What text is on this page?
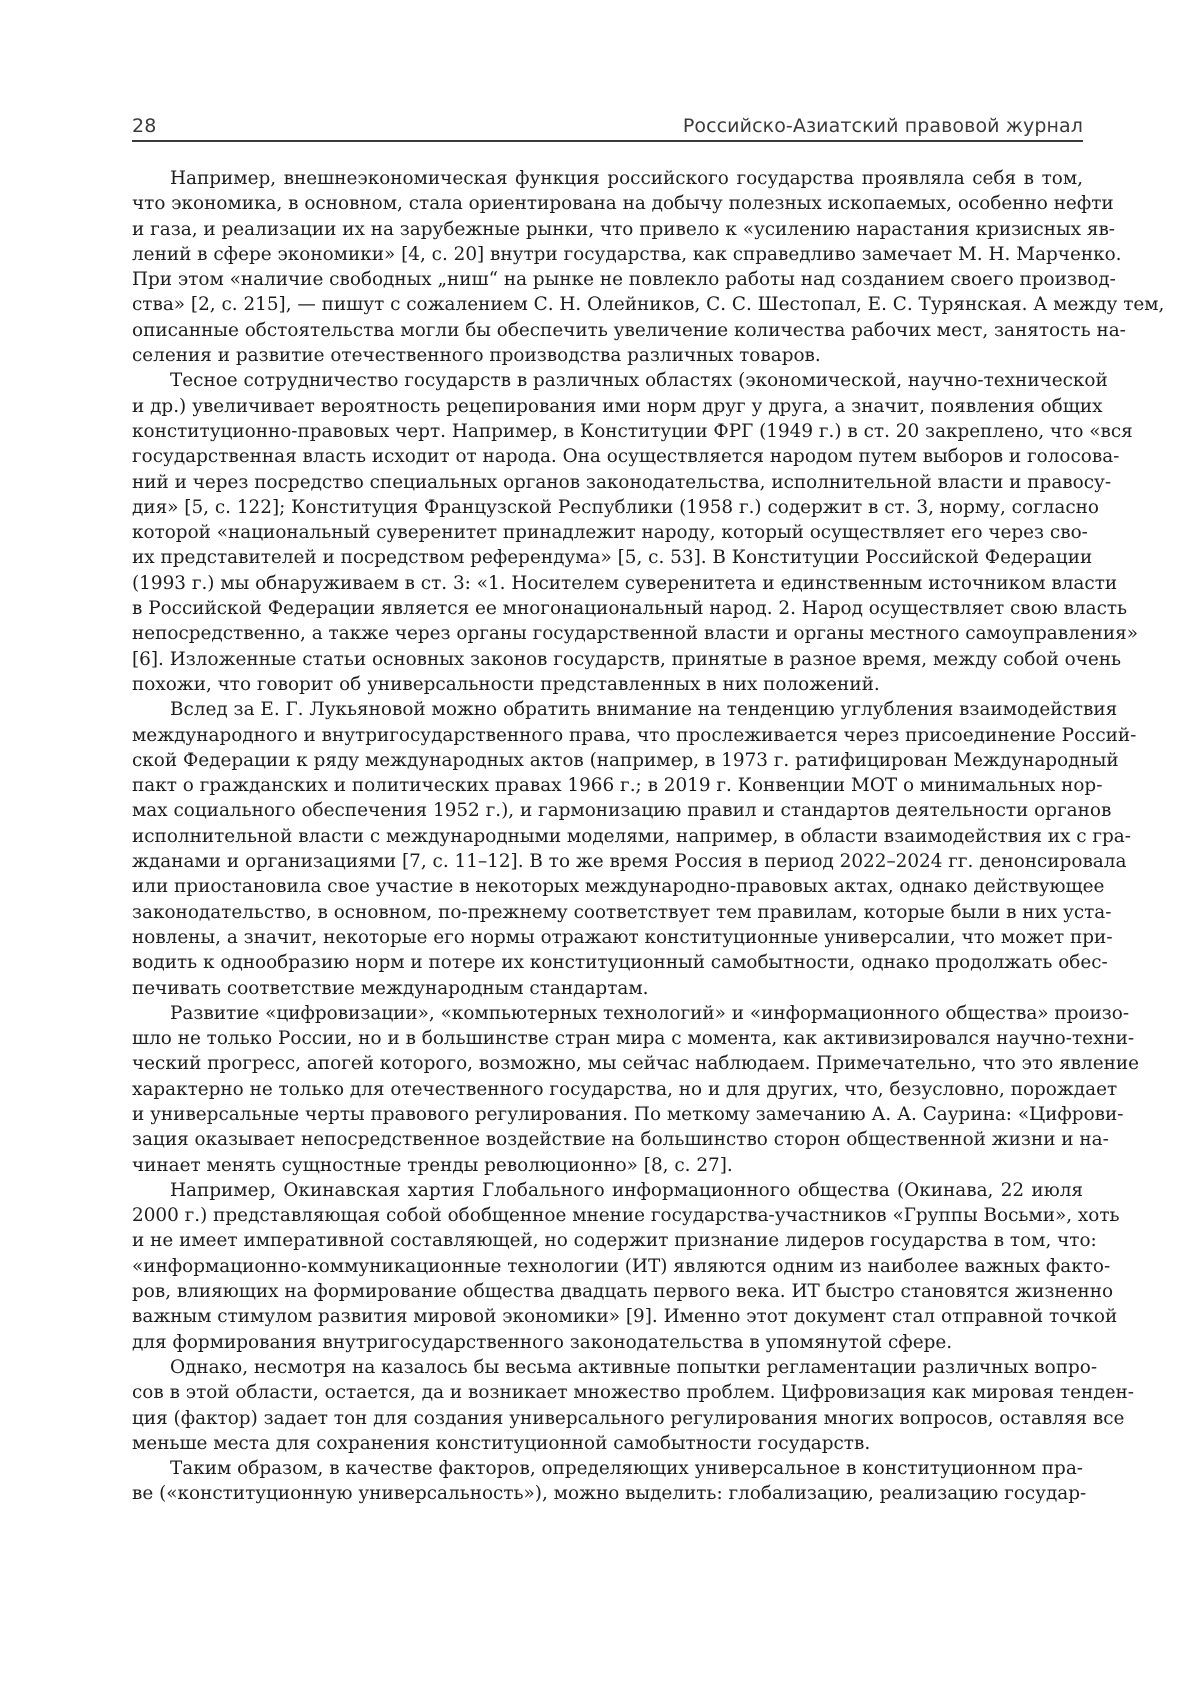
28	Российско-Азиатский правовой журнал

Например, внешнеэкономическая функция российского государства проявляла себя в том,
что экономика, в основном, стала ориентирована на добычу полезных ископаемых, особенно нефти
и газа, и реализации их на зарубежные рынки, что привело к «усилению нарастания кризисных яв-
лений в сфере экономики» [4, с. 20] внутри государства, как справедливо замечает М. Н. Марченко.
При этом «наличие свободных „ниш“ на рынке не повлекло работы над созданием своего производ-
ства» [2, с. 215], — пишут с сожалением С. Н. Олейников, С. С. Шестопал, Е. С. Турянская. А между тем,
описанные обстоятельства могли бы обеспечить увеличение количества рабочих мест, занятость на-
селения и развитие отечественного производства различных товаров.

Тесное сотрудничество государств в различных областях (экономической, научно-технической
и др.) увеличивает вероятность рецепирования ими норм друг у друга, а значит, появления общих
конституционно-правовых черт. Например, в Конституции ФРГ (1949 г.) в ст. 20 закреплено, что «вся
государственная власть исходит от народа. Она осуществляется народом путем выборов и голосова-
ний и через посредство специальных органов законодательства, исполнительной власти и правосу-
дия» [5, с. 122]; Конституция Французской Республики (1958 г.) содержит в ст. 3, норму, согласно
которой «национальный суверенитет принадлежит народу, который осуществляет его через сво-
их представителей и посредством референдума» [5, с. 53]. В Конституции Российской Федерации
(1993 г.) мы обнаруживаем в ст. 3: «1. Носителем суверенитета и единственным источником власти
в Российской Федерации является ее многонациональный народ. 2. Народ осуществляет свою власть
непосредственно, а также через органы государственной власти и органы местного самоуправления»
[6]. Изложенные статьи основных законов государств, принятые в разное время, между собой очень
похожи, что говорит об универсальности представленных в них положений.

Вслед за Е. Г. Лукьяновой можно обратить внимание на тенденцию углубления взаимодействия
международного и внутригосударственного права, что прослеживается через присоединение Россий-
ской Федерации к ряду международных актов (например, в 1973 г. ратифицирован Международный
пакт о гражданских и политических правах 1966 г.; в 2019 г. Конвенции МОТ о минимальных нор-
мах социального обеспечения 1952 г.), и гармонизацию правил и стандартов деятельности органов
исполнительной власти с международными моделями, например, в области взаимодействия их с гра-
жданами и организациями [7, с. 11–12]. В то же время Россия в период 2022–2024 гг. денонсировала
или приостановила свое участие в некоторых международно-правовых актах, однако действующее
законодательство, в основном, по-прежнему соответствует тем правилам, которые были в них уста-
новлены, а значит, некоторые его нормы отражают конституционные универсалии, что может при-
водить к однообразию норм и потере их конституционный самобытности, однако продолжать обес-
печивать соответствие международным стандартам.

Развитие «цифровизации», «компьютерных технологий» и «информационного общества» произо-
шло не только России, но и в большинстве стран мира с момента, как активизировался научно-техни-
ческий прогресс, апогей которого, возможно, мы сейчас наблюдаем. Примечательно, что это явление
характерно не только для отечественного государства, но и для других, что, безусловно, порождает
и универсальные черты правового регулирования. По меткому замечанию А. А. Саурина: «Цифрови-
зация оказывает непосредственное воздействие на большинство сторон общественной жизни и на-
чинает менять сущностные тренды революционно» [8, с. 27].

Например, Окинавская хартия Глобального информационного общества (Окинава, 22 июля
2000 г.) представляющая собой обобщенное мнение государства-участников «Группы Восьми», хоть
и не имеет императивной составляющей, но содержит признание лидеров государства в том, что:
«информационно-коммуникационные технологии (ИТ) являются одним из наиболее важных факто-
ров, влияющих на формирование общества двадцать первого века. ИТ быстро становятся жизненно
важным стимулом развития мировой экономики» [9]. Именно этот документ стал отправной точкой
для формирования внутригосударственного законодательства в упомянутой сфере.

Однако, несмотря на казалось бы весьма активные попытки регламентации различных вопро-
сов в этой области, остается, да и возникает множество проблем. Цифровизация как мировая тенден-
ция (фактор) задает тон для создания универсального регулирования многих вопросов, оставляя все
меньше места для сохранения конституционной самобытности государств.

Таким образом, в качестве факторов, определяющих универсальное в конституционном пра-
ве («конституционную универсальность»), можно выделить: глобализацию, реализацию государ-
